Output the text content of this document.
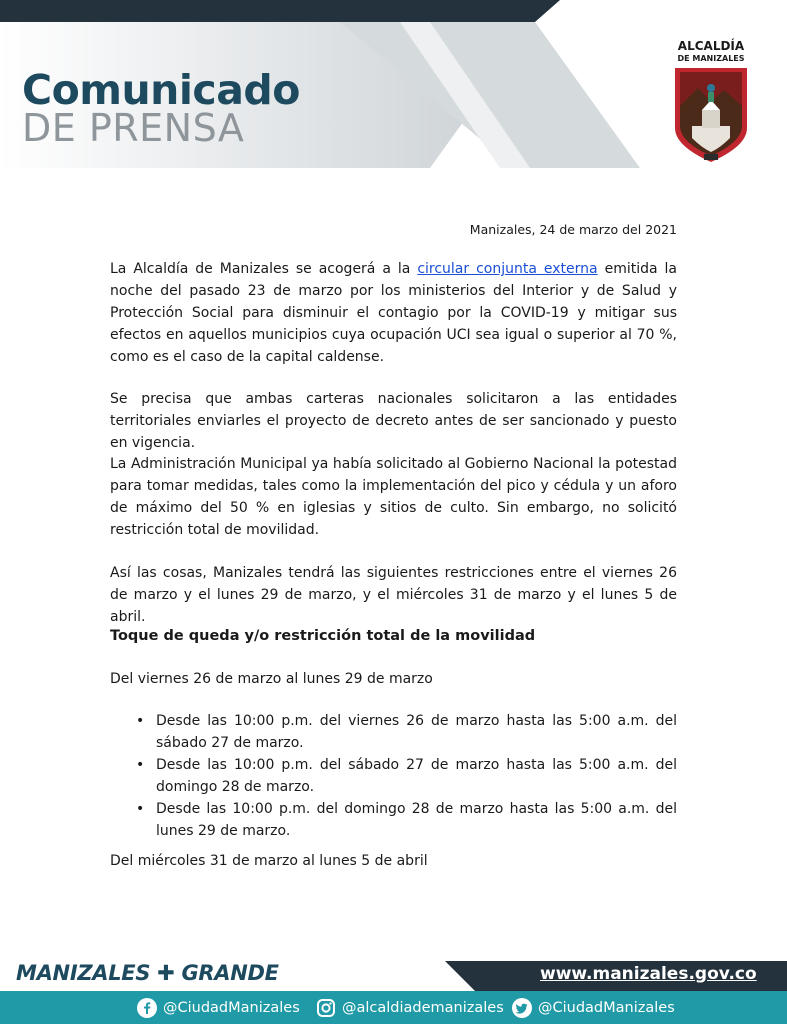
Comunicado
DE PRENSA
ALCALDÍA
DE MANIZALES
Manizales, 24 de marzo del 2021

La Alcaldía de Manizales se acogerá a la circular conjunta externa emitida la noche del pasado 23 de marzo por los ministerios del Interior y de Salud y Protección Social para disminuir el contagio por la COVID-19 y mitigar sus efectos en aquellos municipios cuya ocupación UCI sea igual o superior al 70 %, como es el caso de la capital caldense.

Se precisa que ambas carteras nacionales solicitaron a las entidades territoriales enviarles el proyecto de decreto antes de ser sancionado y puesto en vigencia.

La Administración Municipal ya había solicitado al Gobierno Nacional la potestad para tomar medidas, tales como la implementación del pico y cédula y un aforo de máximo del 50 % en iglesias y sitios de culto. Sin embargo, no solicitó restricción total de movilidad.

Así las cosas, Manizales tendrá las siguientes restricciones entre el viernes 26 de marzo y el lunes 29 de marzo, y el miércoles 31 de marzo y el lunes 5 de abril.

Toque de queda y/o restricción total de la movilidad
Del viernes 26 de marzo al lunes 29 de marzo
• Desde las 10:00 p.m. del viernes 26 de marzo hasta las 5:00 a.m. del sábado 27 de marzo.
• Desde las 10:00 p.m. del sábado 27 de marzo hasta las 5:00 a.m. del domingo 28 de marzo.
• Desde las 10:00 p.m. del domingo 28 de marzo hasta las 5:00 a.m. del lunes 29 de marzo.
Del miércoles 31 de marzo al lunes 5 de abril
MANIZALES ✚ GRANDE	www.manizales.gov.co
@CiudadManizales	@alcaldiademanizales @CiudadManizales
